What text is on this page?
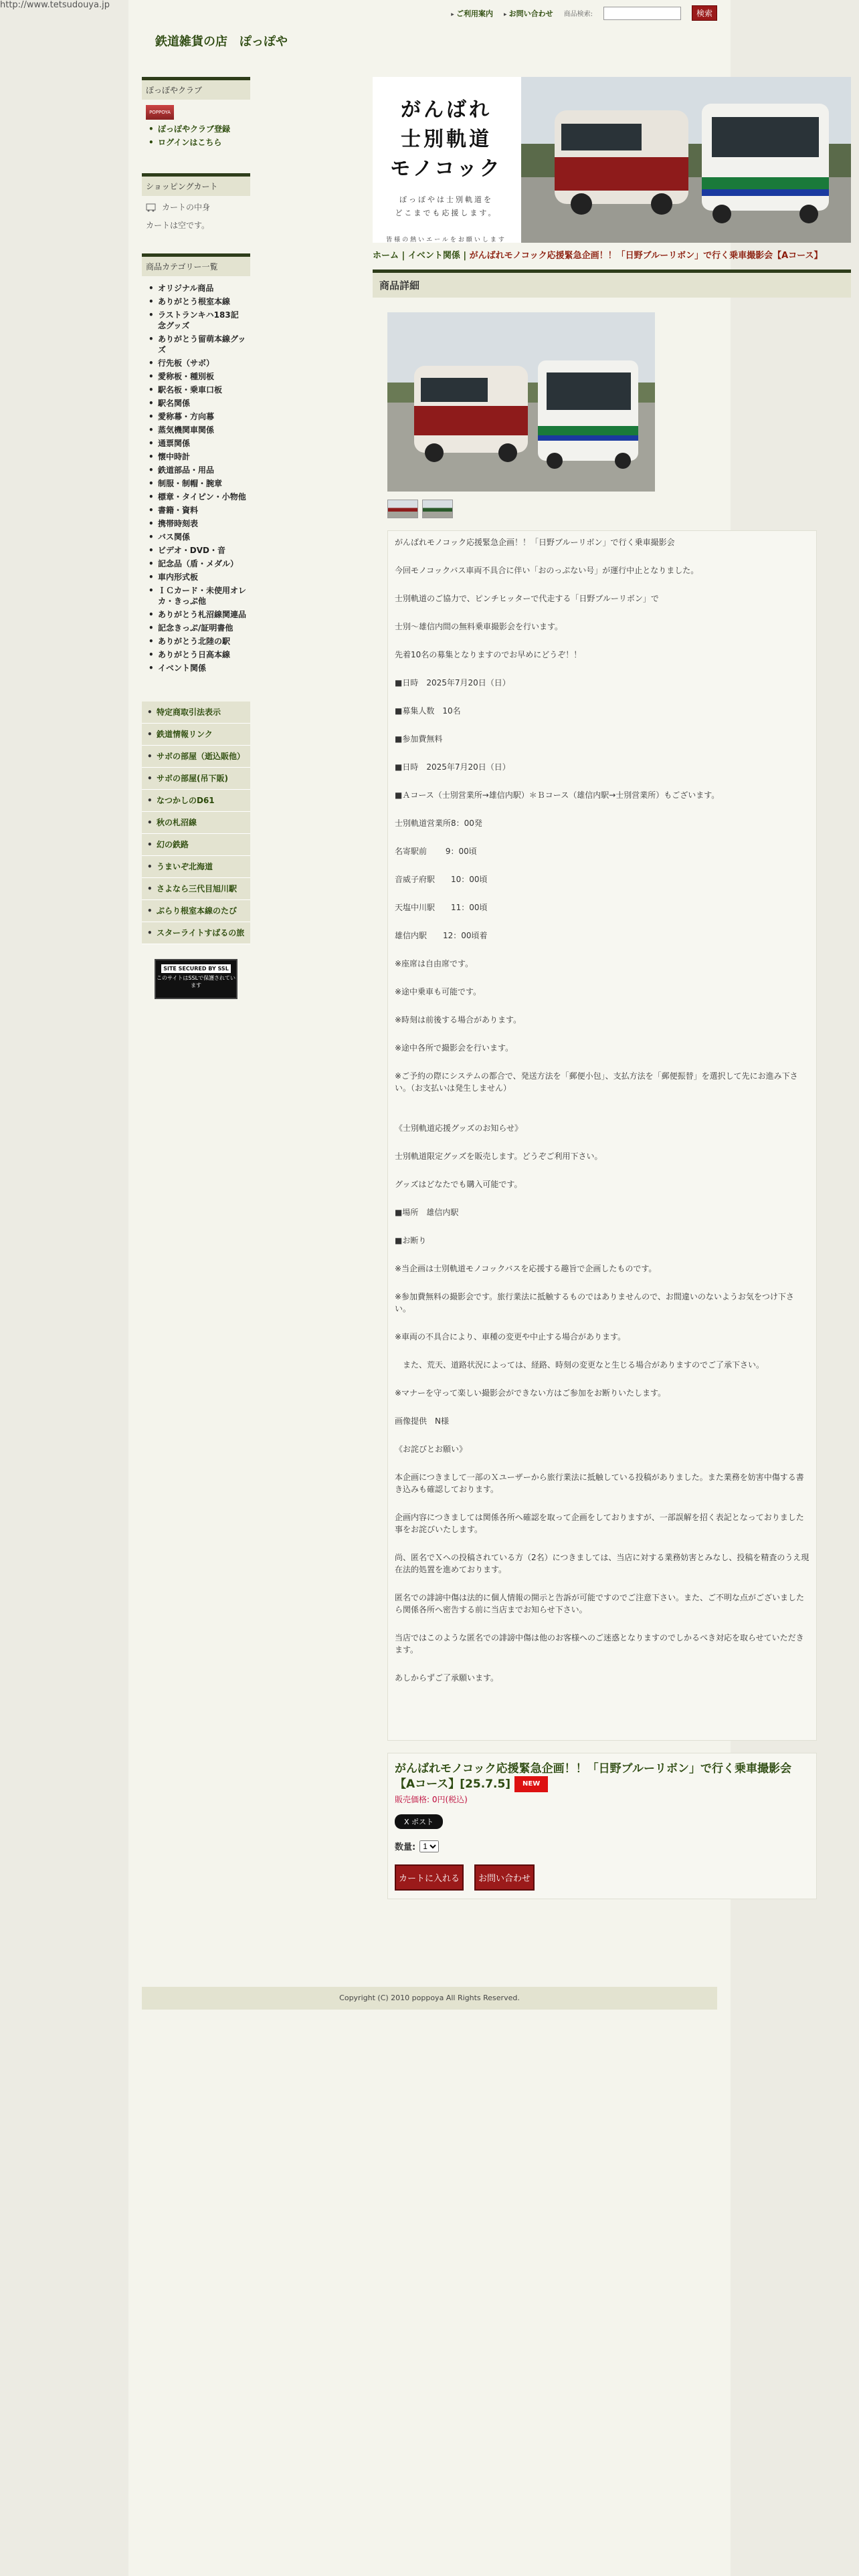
http://www.tetsudouya.jp
▸ ご利用案内
▸	お問い合わせ 商品検索:	検索
鉄道雑貨の店　ぽっぽや
ぽっぽやクラブ
POPPOYA
• ぽっぽやクラブ登録
• ログインはこちら
ショッピングカート
カートの中身
カートは空です。
商品カテゴリー一覧
• オリジナル商品
• ありがとう根室本線
• ラストランキハ183記念グッズ
• ありがとう留萌本線グッズ
• 行先板（サボ）
• 愛称板・種別板
• 駅名板・乗車口板
• 駅名関係
• 愛称幕・方向幕
• 蒸気機関車関係
• 通票関係
• 懐中時計
• 鉄道部品・用品
• 制服・制帽・腕章
• 標章・タイピン・小物他
• 書籍・資料
• 携帯時刻表
• バス関係
• ビデオ・DVD・音
• 記念品（盾・メダル）
• 車内形式板
• ＩＣカード・未使用オレカ・きっぷ他
• ありがとう札沼線関連品
• 記念きっぷ/証明書他
• ありがとう北陸の駅
• ありがとう日高本線
• イベント関係
• 特定商取引法表示
• 鉄道情報リンク
• サボの部屋（逝込販他）
• サボの部屋(吊下販)
• なつかしのD61
• 秋の札沼線
• 幻の鉄路
• うまいぞ北海道
• さよなら三代目旭川駅
• ぶらり根室本線のたび
• スターライトすばるの旅
SITE SECURED BY SSL
このサイトはSSLで保護されています
がんばれ
士別軌道
モノコック
ぽっぽやは士別軌道を
どこまでも応援します。
皆様の熱いエールをお願いします
ホーム | イベント関係 | がんばれモノコック応援緊急企画！！「日野ブルーリボン」で行く乗車撮影会【Aコース】
商品詳細

がんばれモノコック応援緊急企画！！「日野ブルーリボン」で行く乗車撮影会

今回モノコックバス車両不具合に伴い「おのっぷない号」が運行中止となりました。

士別軌道のご協力で、ピンチヒッターで代走する「日野ブルーリボン」で

士別～雄信内間の無料乗車撮影会を行います。

先着10名の募集となりますのでお早めにどうぞ！！

■日時　2025年7月20日（日）

■募集人数　10名

■参加費無料

■日時　2025年7月20日（日）

■Ａコース（士別営業所→雄信内駅）＊Ｂコース（雄信内駅→士別営業所）もございます。

士別軌道営業所8：00発

名寄駅前　　 9：00頃

音威子府駅　　10：00頃

天塩中川駅　　11：00頃

雄信内駅　　12：00頃着

※座席は自由席です。

※途中乗車も可能です。

※時刻は前後する場合があります。

※途中各所で撮影会を行います。

※ご予約の際にシステムの都合で、発送方法を「郵便小包」、支払方法を「郵便振替」を選択して先にお進み下さい。（お支払いは発生しません）

《士別軌道応援グッズのお知らせ》

士別軌道限定グッズを販売します。どうぞご利用下さい。

グッズはどなたでも購入可能です。

■場所　雄信内駅

■お断り

※当企画は士別軌道モノコックバスを応援する趣旨で企画したものです。

※参加費無料の撮影会です。旅行業法に抵触するものではありませんので、お間違いのないようお気をつけ下さい。

※車両の不具合により、車種の変更や中止する場合があります。

　また、荒天、道路状況によっては、経路、時刻の変更なと生じる場合がありますのでご了承下さい。

※マナーを守って楽しい撮影会ができない方はご参加をお断りいたします。

画像提供　N様

《お詫びとお願い》

本企画につきまして一部のＸユーザーから旅行業法に抵触している投稿がありました。また業務を妨害中傷する書き込みも確認しております。

企画内容につきましては関係各所へ確認を取って企画をしておりますが、一部誤解を招く表記となっておりました事をお詫びいたします。

尚、匿名でＸへの投稿されている方（2名）につきましては、当店に対する業務妨害とみなし、投稿を精査のうえ現在法的処置を進めております。

匿名での誹謗中傷は法的に個人情報の開示と告訴が可能ですのでご注意下さい。また、ご不明な点がございましたら関係各所へ密告する前に当店までお知らせ下さい。

当店ではこのような匿名での誹謗中傷は他のお客様へのご迷惑となりますのでしかるべき対応を取らせていただきます。

あしからずご了承願います。

がんばれモノコック応援緊急企画！！「日野ブルーリボン」で行く乗車撮影会【Aコース】[25.7.5] NEW
販売価格: 0円(税込)
X ポスト
数量:
1
カートに入れる	お問い合わせ
Copyright (C) 2010 poppoya All Rights Reserved.
